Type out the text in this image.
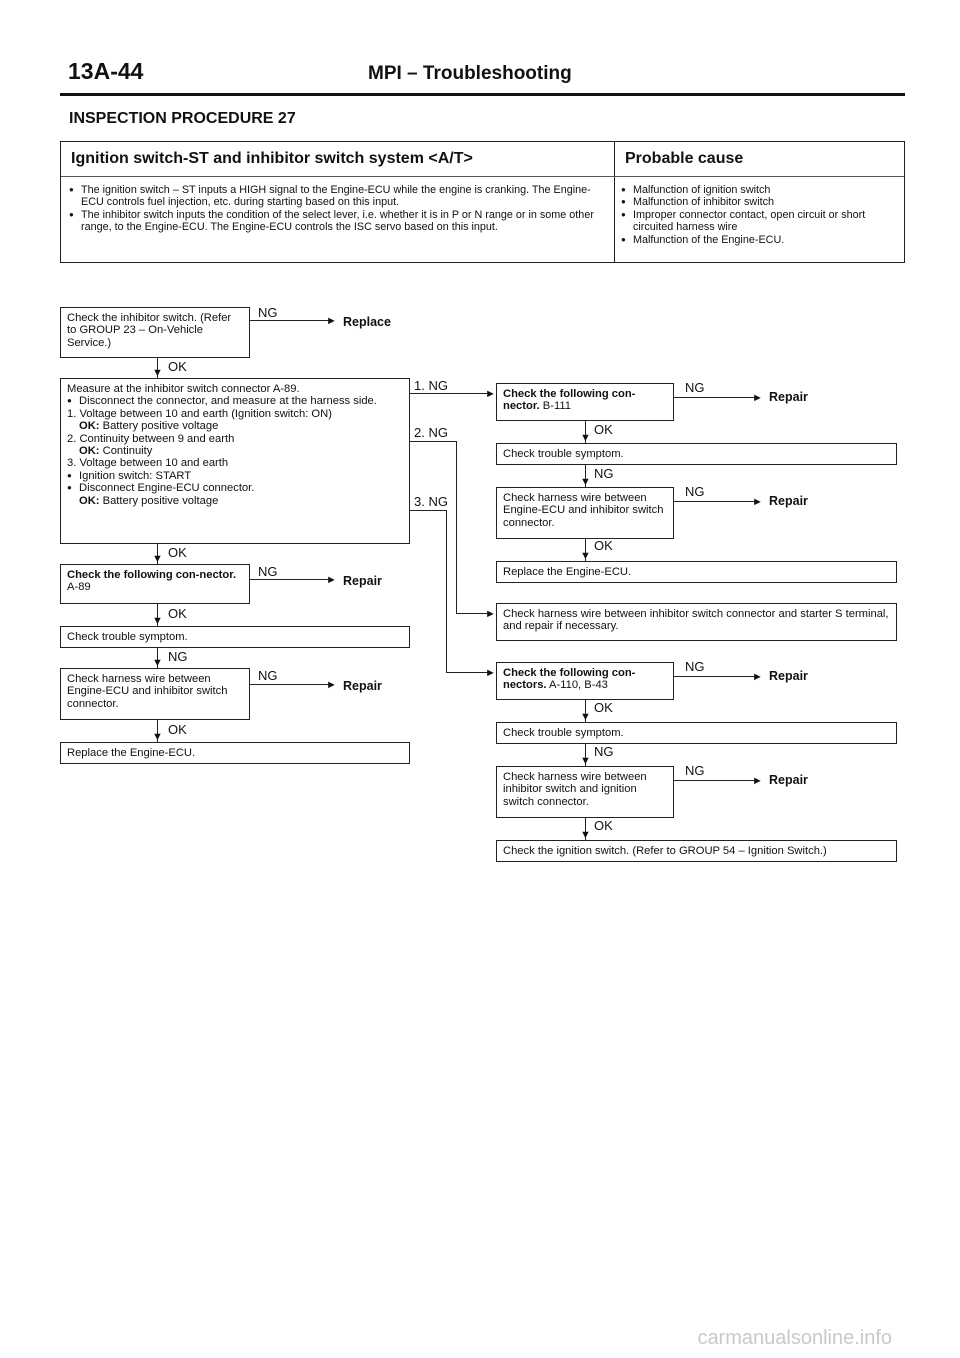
13A-44	MPI – Troubleshooting
INSPECTION PROCEDURE 27
Ignition switch-ST and inhibitor switch system <A/T>	Probable cause
● The ignition switch – ST inputs a HIGH signal to the Engine-ECU while the engine is cranking. The Engine-ECU controls fuel injection, etc. during starting based on this input.
● The inhibitor switch inputs the condition of the select lever, i.e. whether it is in P or N range or in some other range, to the Engine-ECU. The Engine-ECU controls the ISC servo based on this input.
● Malfunction of ignition switch
● Malfunction of inhibitor switch
● Improper connector contact, open circuit or short circuited harness wire
● Malfunction of the Engine-ECU.
Check the inhibitor switch. (Refer to GROUP 23 – On-Vehicle Service.)
►
NG
Replace
▼ OK
Measure at the inhibitor switch connector A-89.
● Disconnect the connector, and measure at the harness side.
1. Voltage between 10 and earth (Ignition switch: ON)
OK: Battery positive voltage
2. Continuity between 9 and earth
OK: Continuity
3. Voltage between 10 and earth
● Ignition switch: START
● Disconnect Engine-ECU connector.
OK: Battery positive voltage
▼ OK
Check the following con-nector. A-89
►
NG
Repair
▼ OK
Check trouble symptom.
▼ NG
Check harness wire between Engine-ECU and inhibitor switch connector.
►
NG
Repair
▼ OK
Replace the Engine-ECU.
1. NG
►
2. NG
►
3. NG
►
Check the following con-nector. B-111
►
NG
Repair
▼
OK
Check trouble symptom.
▼
NG
Check harness wire between Engine-ECU and inhibitor switch connector.
►
NG
Repair
▼
OK
Replace the Engine-ECU.
Check harness wire between inhibitor switch connector and starter S terminal, and repair if necessary.
Check the following con-nectors. A-110, B-43
►
NG
Repair
▼
OK
Check trouble symptom.
▼
NG
Check harness wire between inhibitor switch and ignition switch connector.
►
NG
Repair
▼
OK
Check the ignition switch. (Refer to GROUP 54 – Ignition Switch.)
carmanualsonline.info
